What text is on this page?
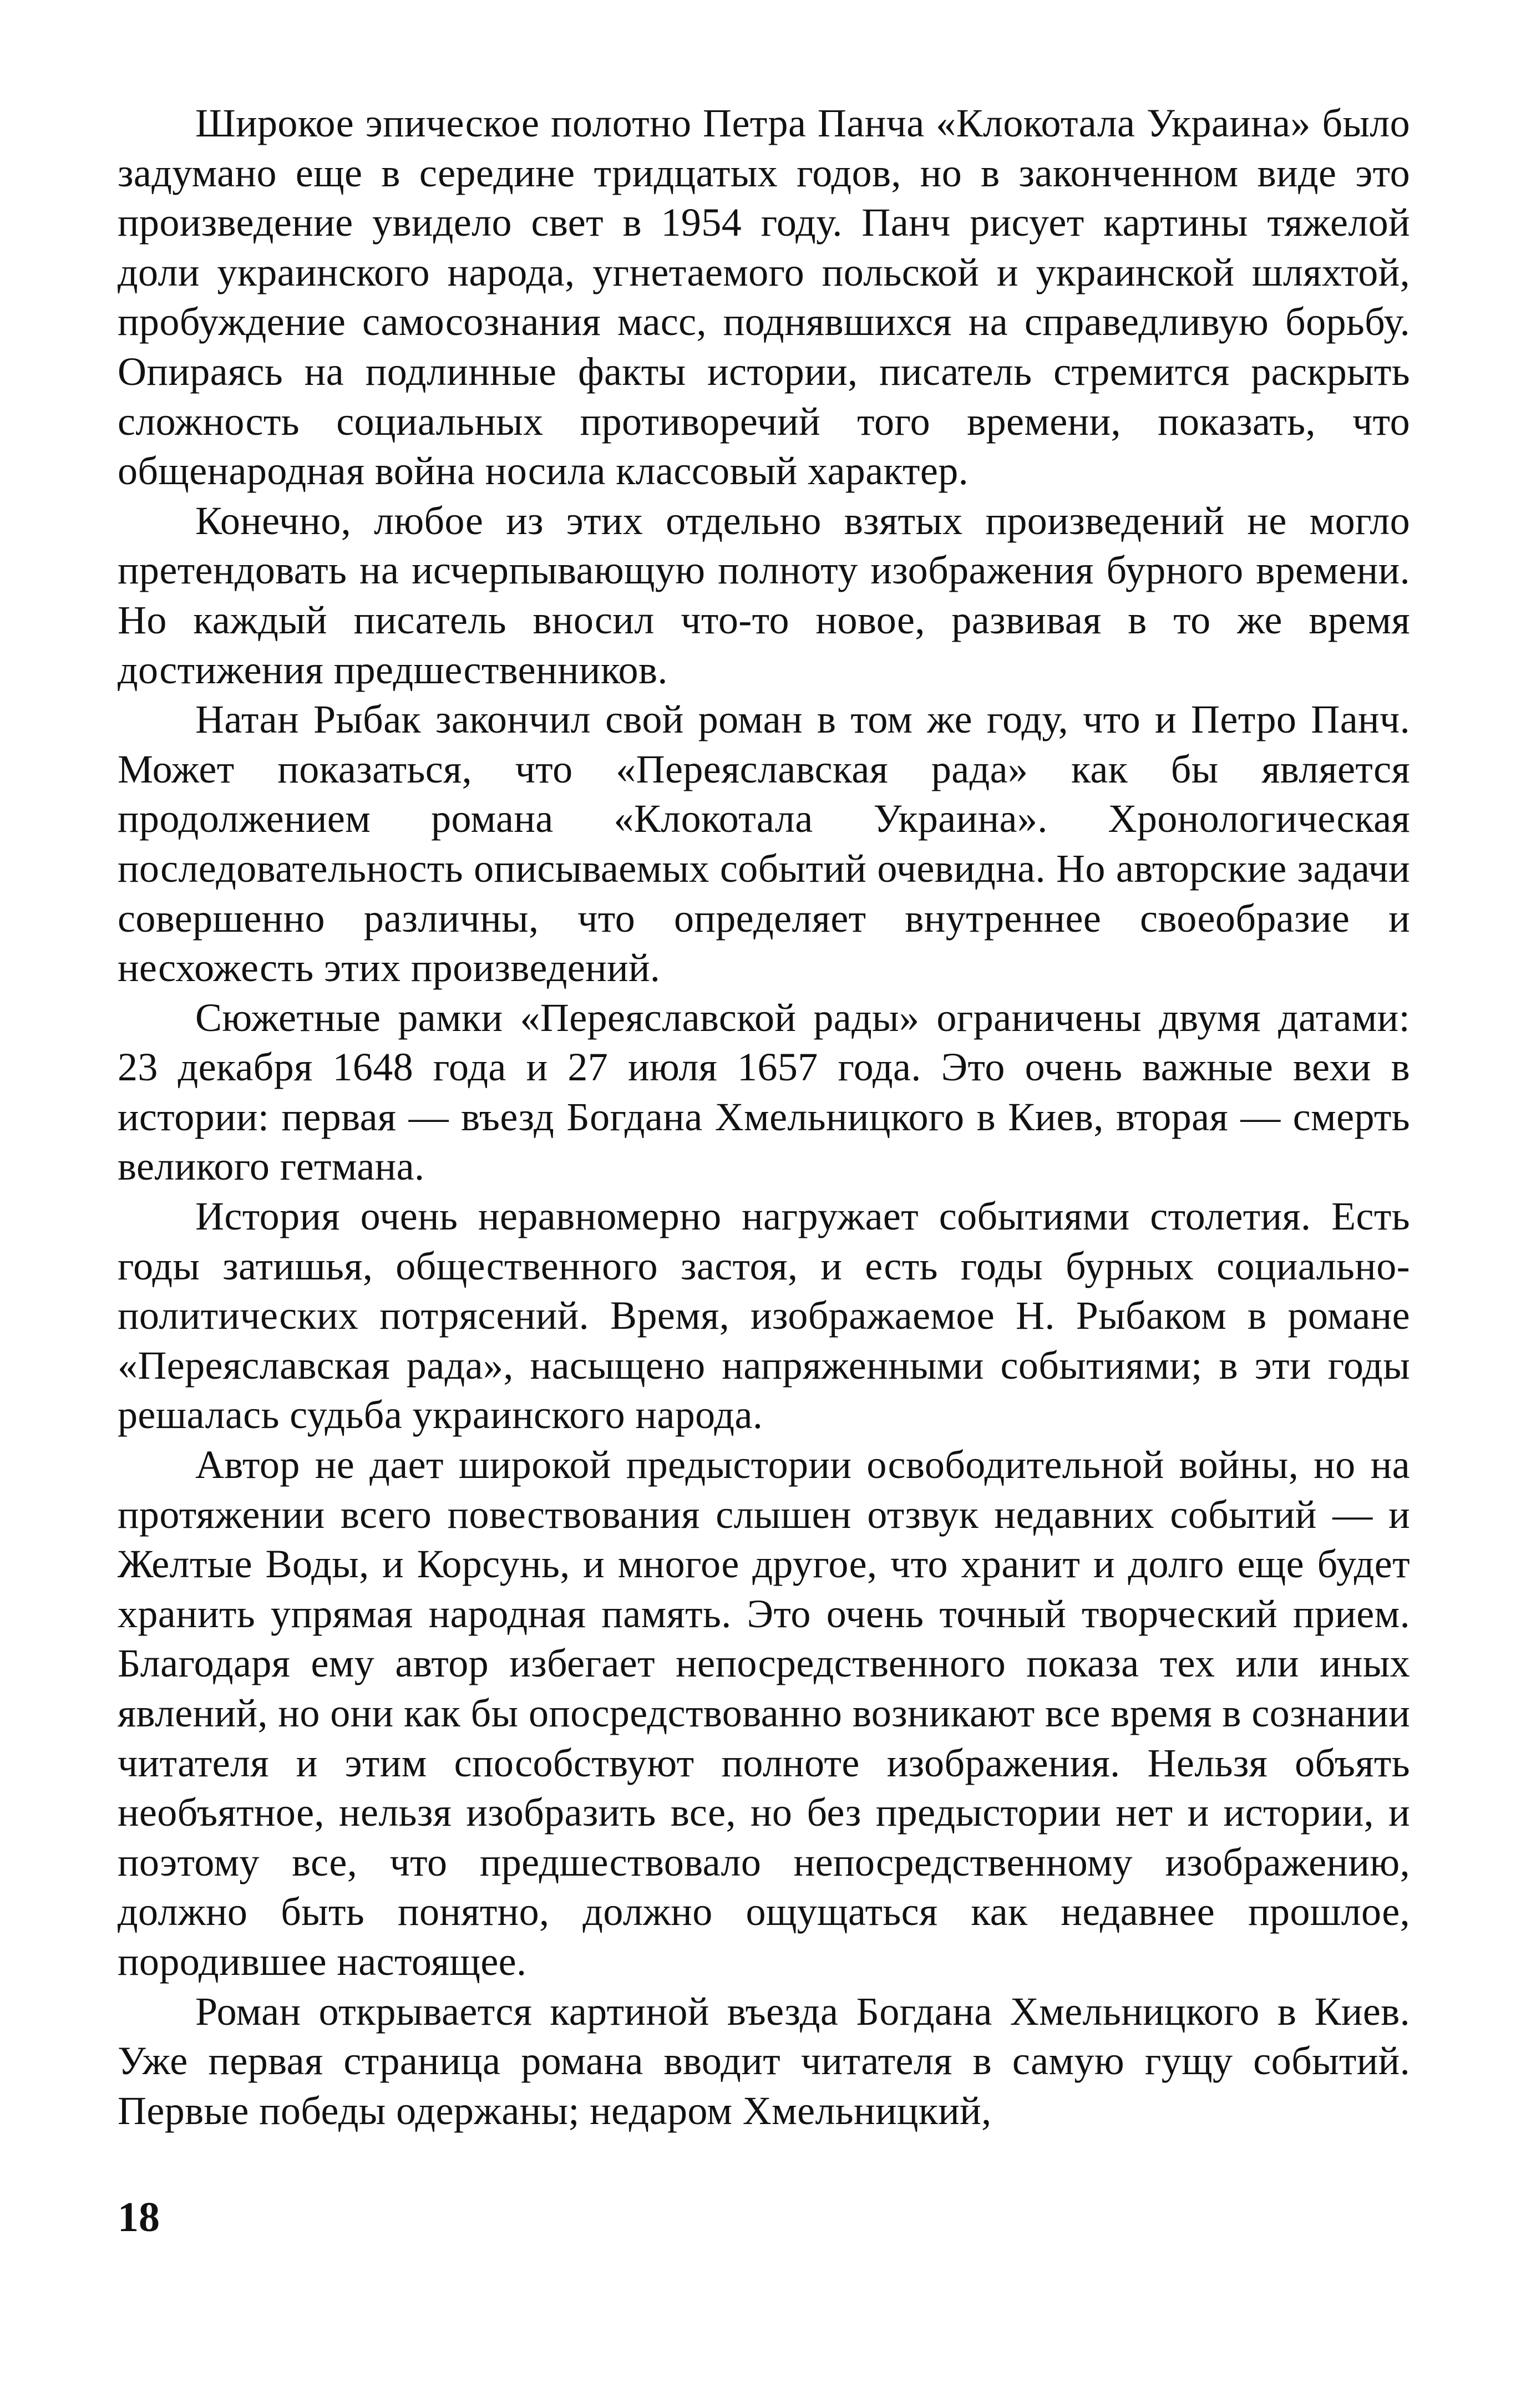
Широкое эпическое полотно Петра Панча «Клокотала Украина» было задумано еще в середине тридцатых годов, но в законченном виде это произведение увидело свет в 1954 году. Панч рисует картины тяжелой доли украинского народа, угнетаемого польской и украинской шляхтой, пробуждение самосознания масс, поднявшихся на справедливую борьбу. Опираясь на подлинные факты истории, писатель стремится раскрыть сложность социальных противоречий того времени, показать, что общенародная война носила классовый характер.

Конечно, любое из этих отдельно взятых произведений не могло претендовать на исчерпывающую полноту изображения бурного времени. Но каждый писатель вносил что-то новое, развивая в то же время достижения предшественников.

Натан Рыбак закончил свой роман в том же году, что и Петро Панч. Может показаться, что «Переяславская рада» как бы является продолжением романа «Клокотала Украина». Хронологическая последовательность описываемых событий очевидна. Но авторские задачи совершенно различны, что определяет внутреннее своеобразие и несхожесть этих произведений.

Сюжетные рамки «Переяславской рады» ограничены двумя датами: 23 декабря 1648 года и 27 июля 1657 года. Это очень важные вехи в истории: первая — въезд Богдана Хмельницкого в Киев, вторая — смерть великого гетмана.

История очень неравномерно нагружает событиями столетия. Есть годы затишья, общественного застоя, и есть годы бурных социально-политических потрясений. Время, изображаемое Н. Рыбаком в романе «Переяславская рада», насыщено напряженными событиями; в эти годы решалась судьба украинского народа.

Автор не дает широкой предыстории освободительной войны, но на протяжении всего повествования слышен отзвук недавних событий — и Желтые Воды, и Корсунь, и многое другое, что хранит и долго еще будет хранить упрямая народная память. Это очень точный творческий прием. Благодаря ему автор избегает непосредственного показа тех или иных явлений, но они как бы опосредствованно возникают все время в сознании читателя и этим способствуют полноте изображения. Нельзя объять необъятное, нельзя изобразить все, но без предыстории нет и истории, и поэтому все, что предшествовало непосредственному изображению, должно быть понятно, должно ощущаться как недавнее прошлое, породившее настоящее.

Роман открывается картиной въезда Богдана Хмельницкого в Киев. Уже первая страница романа вводит читателя в самую гущу событий. Первые победы одержаны; недаром Хмельницкий,

18
